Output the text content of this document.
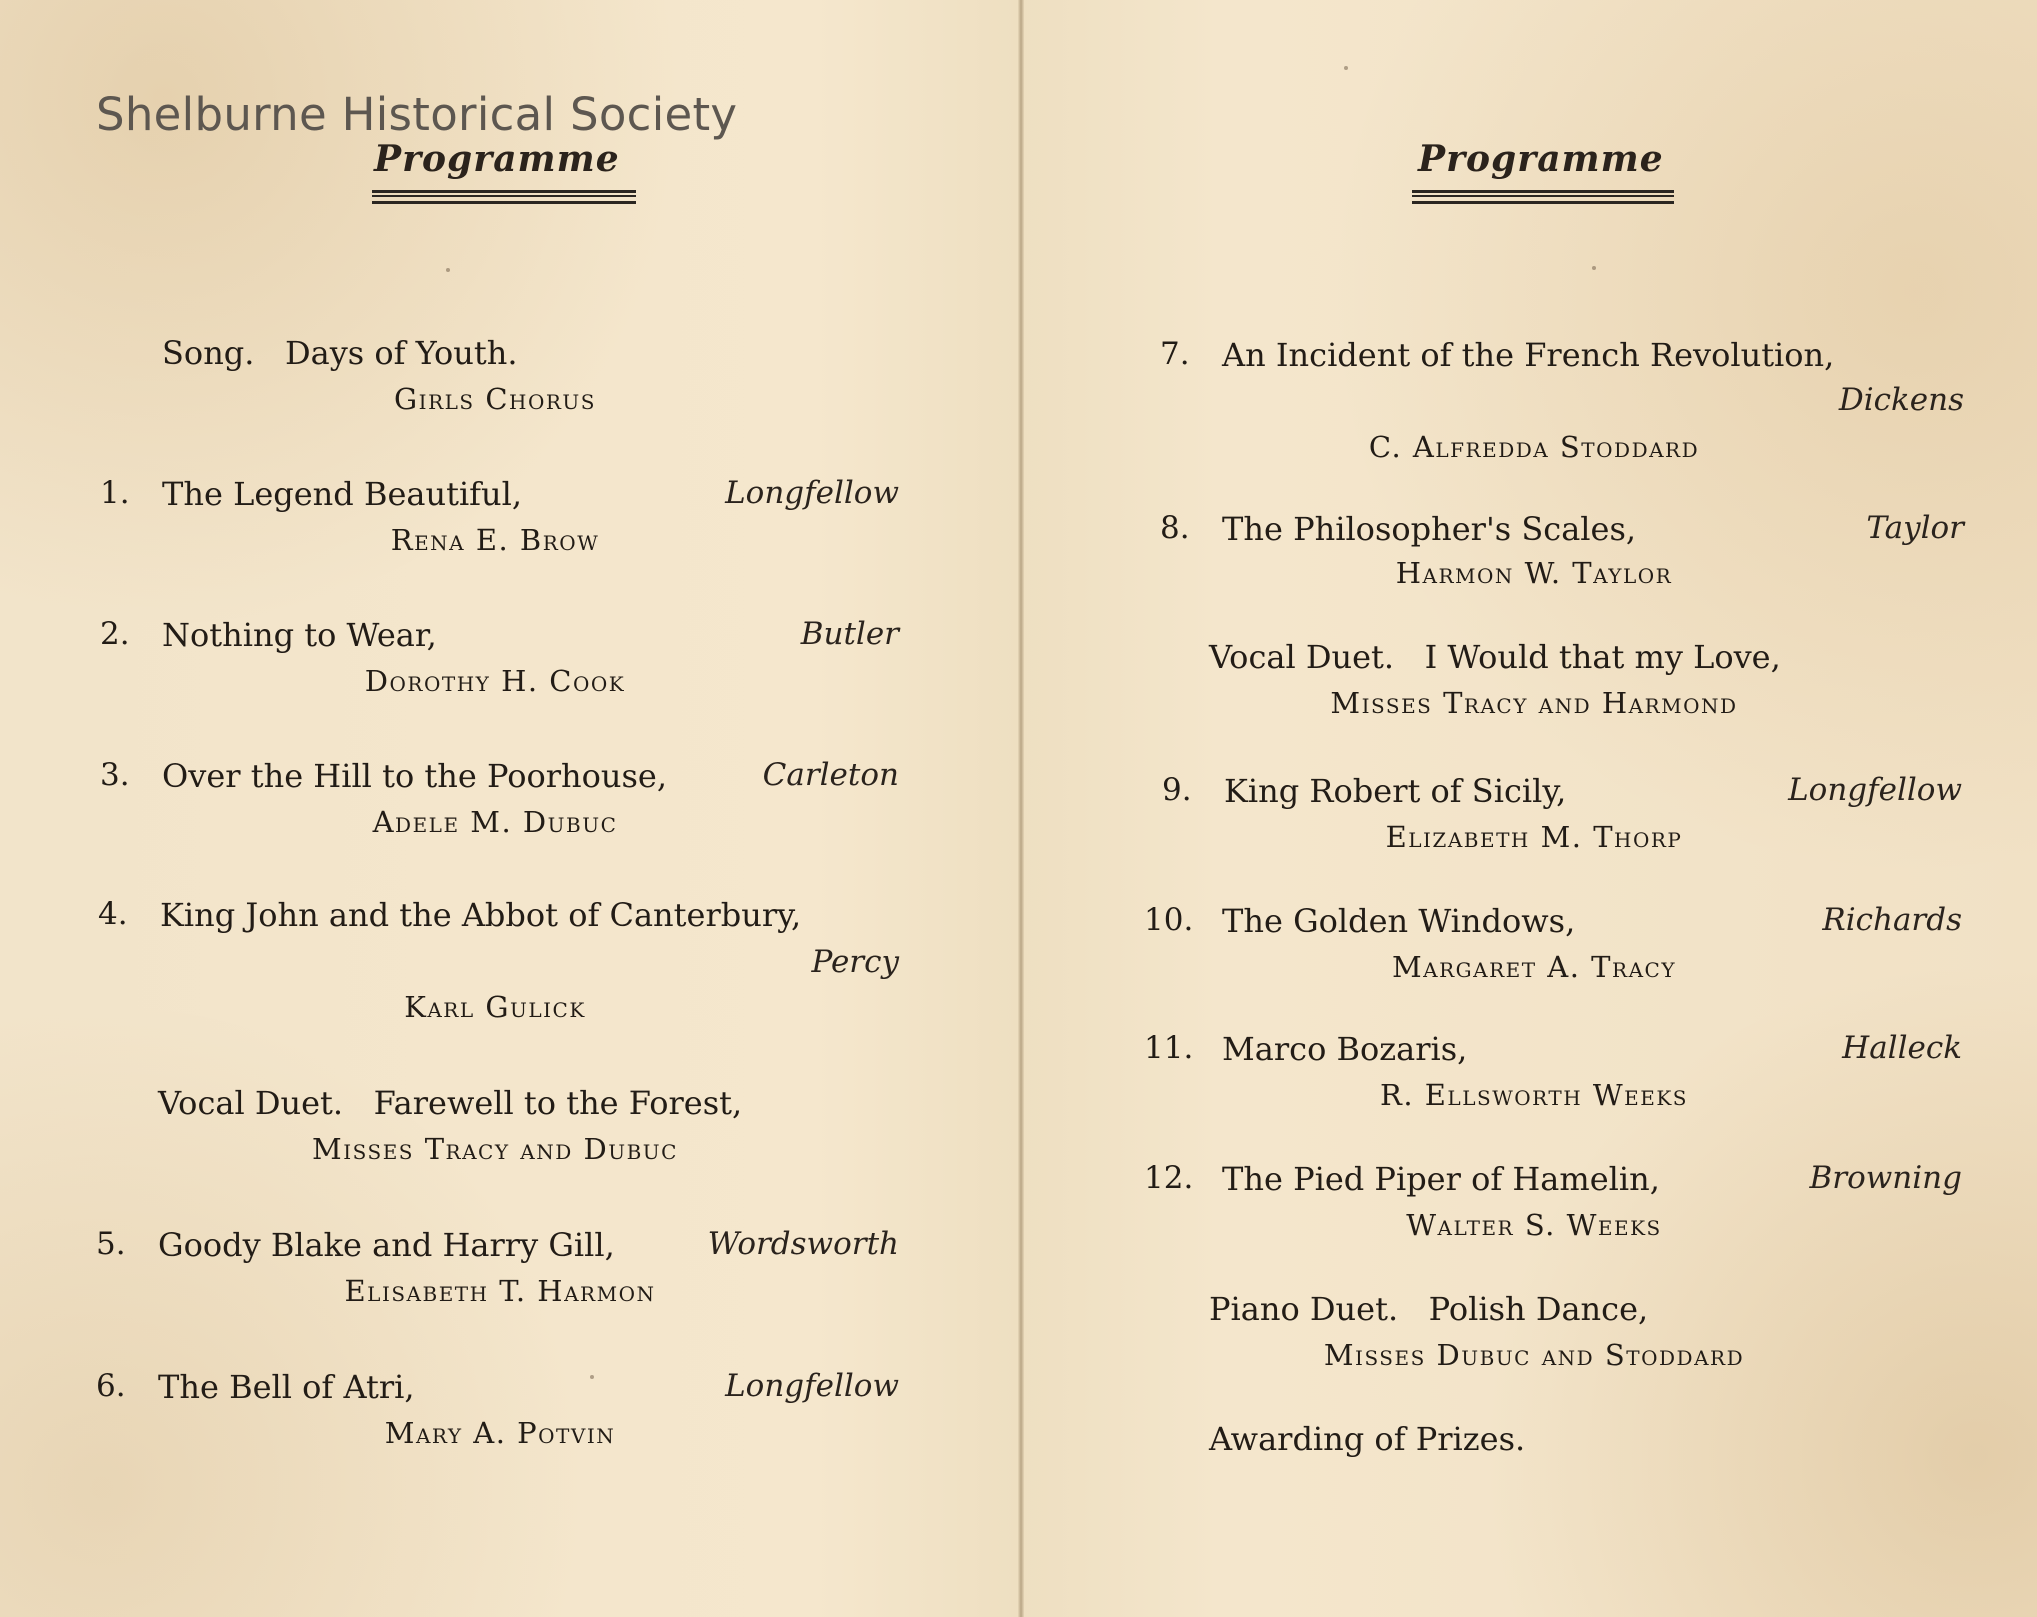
Shelburne Historical Society
Programme
Song.   Days of Youth.
Girls Chorus
1. The Legend Beautiful,	Longfellow
Rena E. Brow
2. Nothing to Wear,	Butler
Dorothy H. Cook
3. Over the Hill to the Poorhouse,	Carleton
Adele M. Dubuc
4. King John and the Abbot of Canterbury,
Percy
Karl Gulick
Vocal Duet.   Farewell to the Forest,
Misses Tracy and Dubuc
5. Goody Blake and Harry Gill,	Wordsworth
Elisabeth T. Harmon
6. The Bell of Atri,	Longfellow
Mary A. Potvin
Programme
7. An Incident of the French Revolution,
Dickens
C. Alfredda Stoddard
8. The Philosopher's Scales,	Taylor
Harmon W. Taylor
Vocal Duet.   I Would that my Love,
Misses Tracy and Harmond
9. King Robert of Sicily,	Longfellow
Elizabeth M. Thorp
10. The Golden Windows,	Richards
Margaret A. Tracy
11. Marco Bozaris,	Halleck
R. Ellsworth Weeks
12. The Pied Piper of Hamelin,	Browning
Walter S. Weeks
Piano Duet.   Polish Dance,
Misses Dubuc and Stoddard
Awarding of Prizes.
